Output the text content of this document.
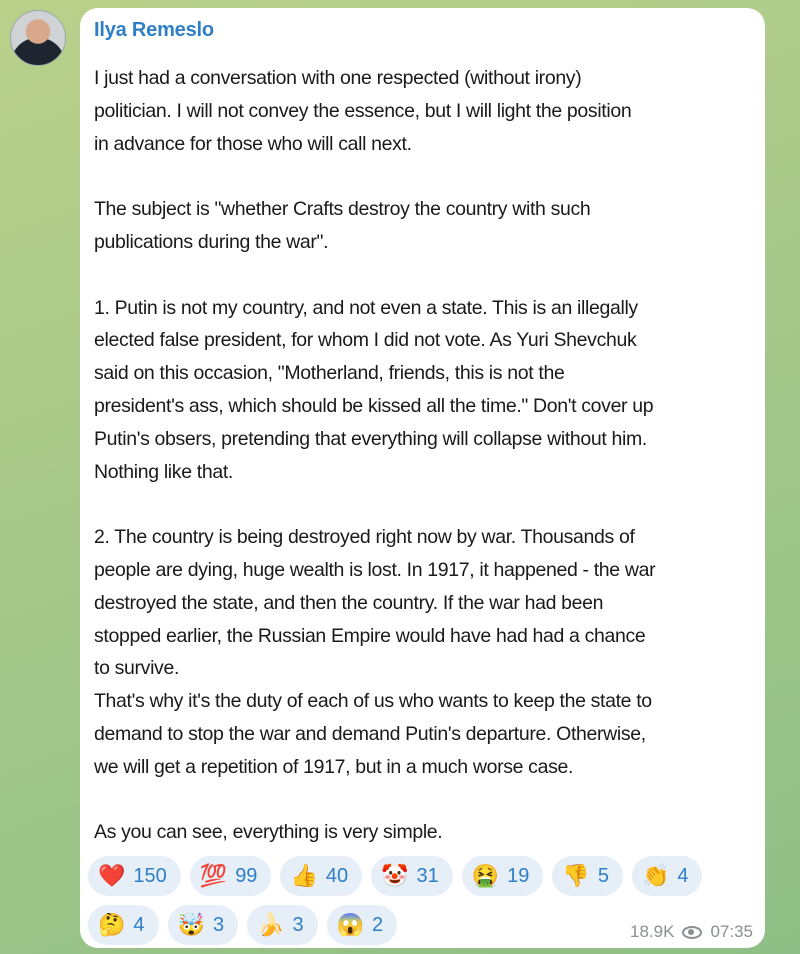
Ilya Remeslo
I just had a conversation with one respected (without irony)
politician. I will not convey the essence, but I will light the position
in advance for those who will call next.
The subject is "whether Crafts destroy the country with such
publications during the war".
1. Putin is not my country, and not even a state. This is an illegally
elected false president, for whom I did not vote. As Yuri Shevchuk
said on this occasion, "Motherland, friends, this is not the
president's ass, which should be kissed all the time." Don't cover up
Putin's obsers, pretending that everything will collapse without him.
Nothing like that.
2. The country is being destroyed right now by war. Thousands of
people are dying, huge wealth is lost. In 1917, it happened - the war
destroyed the state, and then the country. If the war had been
stopped earlier, the Russian Empire would have had had a chance
to survive.
That's why it's the duty of each of us who wants to keep the state to
demand to stop the war and demand Putin's departure. Otherwise,
we will get a repetition of 1917, but in a much worse case.
As you can see, everything is very simple.
❤️ 150 💯 99 👍 40 🤡 31 🤮 19 👎 5 👏 4
🤔 4 🤯 3 🍌 3 😱 2	18.9K 07:35
